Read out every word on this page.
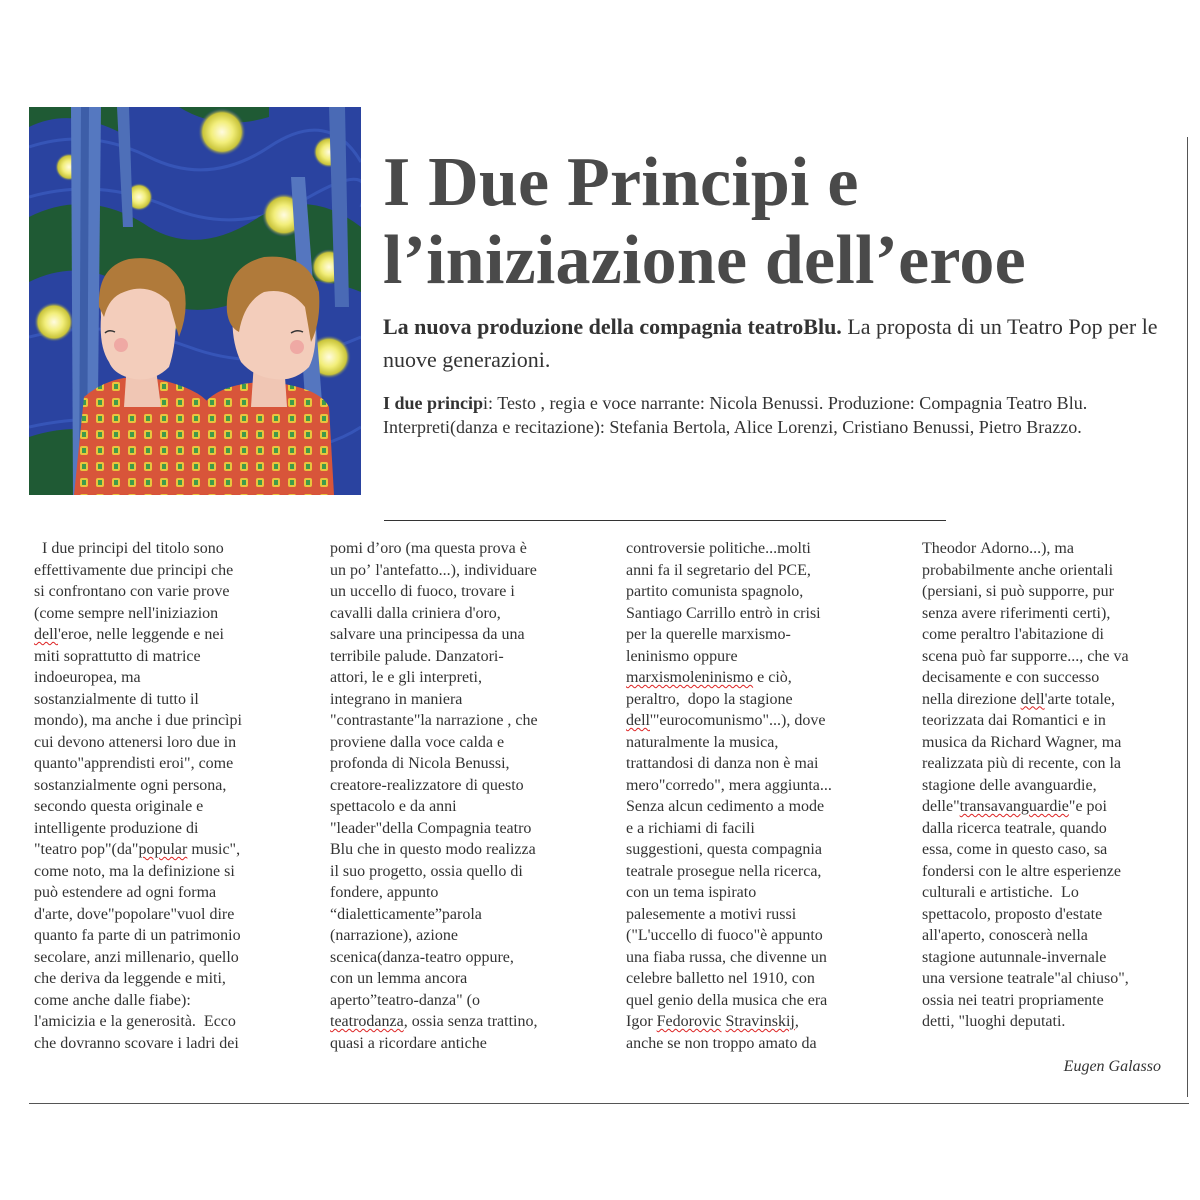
I Due Principi e
l’iniziazione dell’eroe

La nuova produzione della compagnia teatroBlu. La proposta di un Teatro Pop per le nuove generazioni.

I due principi: Testo , regia e voce narrante: Nicola Benussi. Produzione: Compagnia Teatro Blu. Interpreti(danza e recitazione): Stefania Bertola, Alice Lorenzi, Cristiano Benussi, Pietro Brazzo.

I due principi del titolo sono
effettivamente due principi che
si confrontano con varie prove
(come sempre nell'iniziazion
dell'eroe, nelle leggende e nei
miti soprattutto di matrice
indoeuropea, ma
sostanzialmente di tutto il
mondo), ma anche i due princìpi
cui devono attenersi loro due in
quanto"apprendisti eroi", come
sostanzialmente ogni persona,
secondo questa originale e
intelligente produzione di
"teatro pop"(da"popular music",
come noto, ma la definizione si
può estendere ad ogni forma
d'arte, dove"popolare"vuol dire
quanto fa parte di un patrimonio
secolare, anzi millenario, quello
che deriva da leggende e miti,
come anche dalle fiabe):
l'amicizia e la generosità.  Ecco
che dovranno scovare i ladri dei
pomi d’oro (ma questa prova è
un po’ l'antefatto...), individuare
un uccello di fuoco, trovare i
cavalli dalla criniera d'oro,
salvare una principessa da una
terribile palude. Danzatori-
attori, le e gli interpreti,
integrano in maniera
"contrastante"la narrazione , che
proviene dalla voce calda e
profonda di Nicola Benussi,
creatore-realizzatore di questo
spettacolo e da anni
"leader"della Compagnia teatro
Blu che in questo modo realizza
il suo progetto, ossia quello di
fondere, appunto
“dialetticamente”parola
(narrazione), azione
scenica(danza-teatro oppure,
con un lemma ancora
aperto”teatro-danza" (o
teatrodanza, ossia senza trattino,
quasi a ricordare antiche
controversie politiche...molti
anni fa il segretario del PCE,
partito comunista spagnolo,
Santiago Carrillo entrò in crisi
per la querelle marxismo-
leninismo oppure
marxismoleninismo e ciò,
peraltro,  dopo la stagione
dell'"eurocomunismo"...), dove
naturalmente la musica,
trattandosi di danza non è mai
mero"corredo", mera aggiunta...
Senza alcun cedimento a mode
e a richiami di facili
suggestioni, questa compagnia
teatrale prosegue nella ricerca,
con un tema ispirato
palesemente a motivi russi
("L'uccello di fuoco"è appunto
una fiaba russa, che divenne un
celebre balletto nel 1910, con
quel genio della musica che era
Igor Fedorovic Stravinskij,
anche se non troppo amato da
Theodor Adorno...), ma
probabilmente anche orientali
(persiani, si può supporre, pur
senza avere riferimenti certi),
come peraltro l'abitazione di
scena può far supporre..., che va
decisamente e con successo
nella direzione dell'arte totale,
teorizzata dai Romantici e in
musica da Richard Wagner, ma
realizzata più di recente, con la
stagione delle avanguardie,
delle"transavanguardie"e poi
dalla ricerca teatrale, quando
essa, come in questo caso, sa
fondersi con le altre esperienze
culturali e artistiche.  Lo
spettacolo, proposto d'estate
all'aperto, conoscerà nella
stagione autunnale-invernale
una versione teatrale"al chiuso",
ossia nei teatri propriamente
detti, "luoghi deputati.
Eugen Galasso
